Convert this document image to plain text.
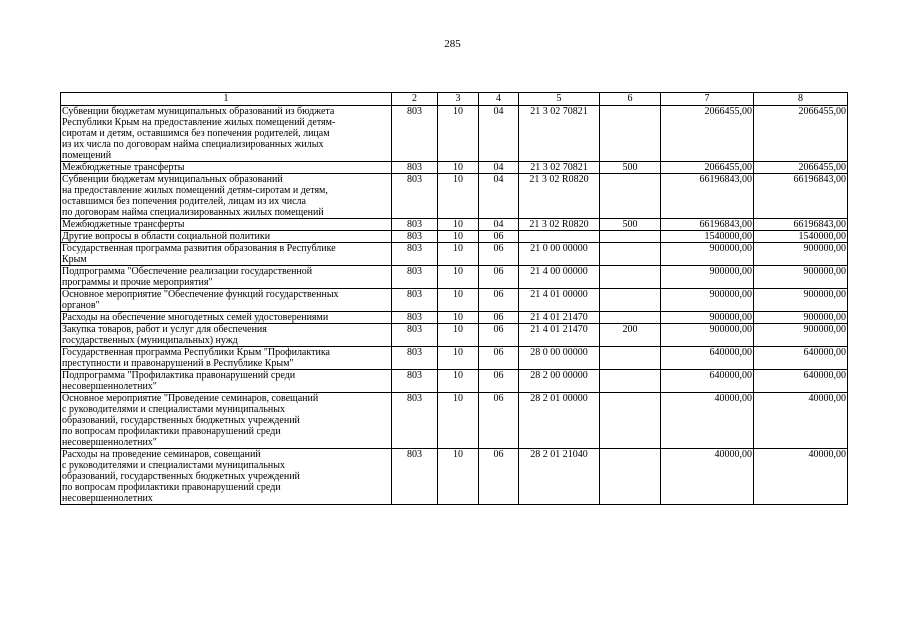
285
1	2	3	4	5	6	7	8
Субвенции бюджетам муниципальных образований из бюджета
Республики Крым на предоставление жилых помещений детям-
сиротам и детям, оставшимся без попечения родителей, лицам
из их числа по договорам найма специализированных жилых
помещений	803	10	04	21 3 02 70821		2066455,00	2066455,00
Межбюджетные трансферты	803	10	04	21 3 02 70821	500	2066455,00	2066455,00
Субвенции бюджетам муниципальных образований
на предоставление жилых помещений детям-сиротам и детям,
оставшимся без попечения родителей, лицам из их числа
по договорам найма специализированных жилых помещений	803	10	04	21 3 02 R0820		66196843,00	66196843,00
Межбюджетные трансферты	803	10	04	21 3 02 R0820	500	66196843,00	66196843,00
Другие вопросы в области социальной политики	803	10	06			1540000,00	1540000,00
Государственная программа развития образования в Республике
Крым	803	10	06	21 0 00 00000		900000,00	900000,00
Подпрограмма "Обеспечение реализации государственной
программы и прочие мероприятия"	803	10	06	21 4 00 00000		900000,00	900000,00
Основное мероприятие "Обеспечение функций государственных
органов"	803	10	06	21 4 01 00000		900000,00	900000,00
Расходы на обеспечение многодетных семей удостоверениями	803	10	06	21 4 01 21470		900000,00	900000,00
Закупка товаров, работ и услуг для обеспечения
государственных (муниципальных) нужд	803	10	06	21 4 01 21470	200	900000,00	900000,00
Государственная программа Республики Крым "Профилактика
преступности и правонарушений в Республике Крым"	803	10	06	28 0 00 00000		640000,00	640000,00
Подпрограмма "Профилактика правонарушений среди
несовершеннолетних"	803	10	06	28 2 00 00000		640000,00	640000,00
Основное мероприятие "Проведение семинаров, совещаний
с руководителями и специалистами муниципальных
образований, государственных бюджетных учреждений
по вопросам профилактики правонарушений среди
несовершеннолетних"	803	10	06	28 2 01 00000		40000,00	40000,00
Расходы на проведение семинаров, совещаний
с руководителями и специалистами муниципальных
образований, государственных бюджетных учреждений
по вопросам профилактики правонарушений среди
несовершеннолетних	803	10	06	28 2 01 21040		40000,00	40000,00
